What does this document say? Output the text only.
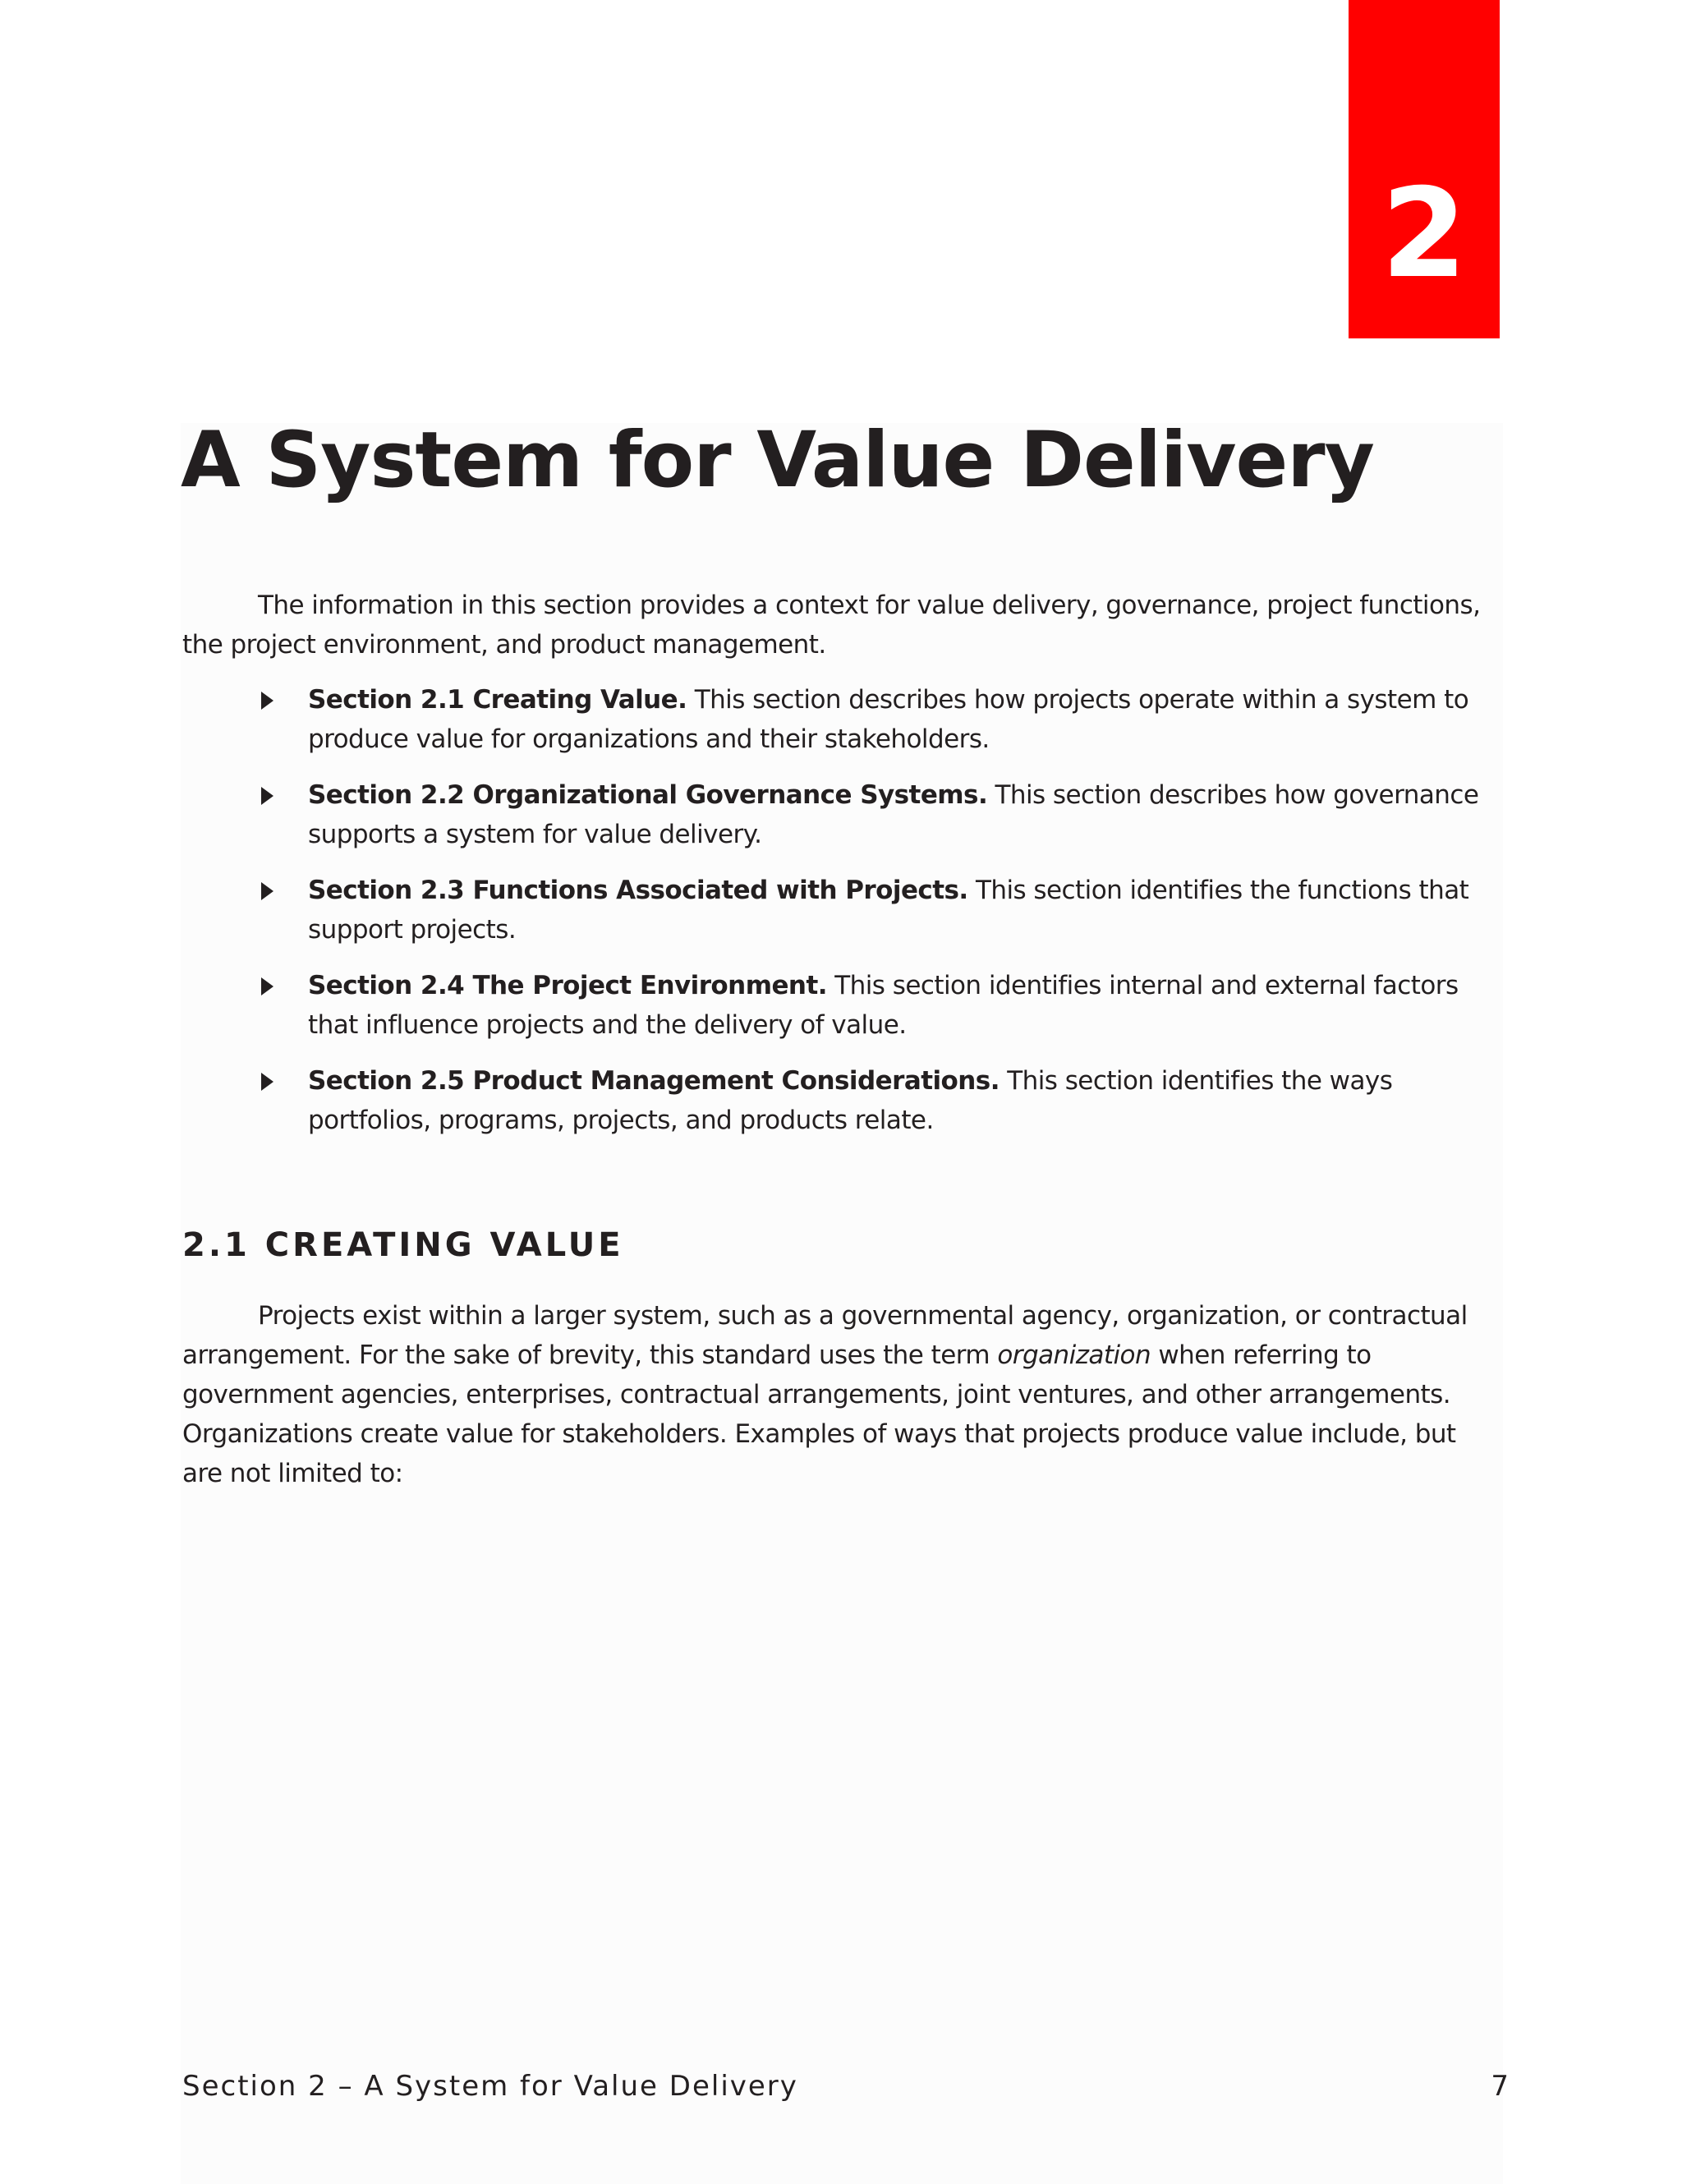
2
A System for Value Delivery

The information in this section provides a context for value delivery, governance, project functions, the project environment, and product management.

Section 2.1 Creating Value. This section describes how projects operate within a system to produce value for organizations and their stakeholders.
Section 2.2 Organizational Governance Systems. This section describes how governance supports a system for value delivery.
Section 2.3 Functions Associated with Projects. This section identifies the functions that support projects.
Section 2.4 The Project Environment. This section identifies internal and external factors that influence projects and the delivery of value.
Section 2.5 Product Management Considerations. This section identifies the ways portfolios, programs, projects, and products relate.
2.1 CREATING VALUE

Projects exist within a larger system, such as a governmental agency, organization, or contractual arrangement. For the sake of brevity, this standard uses the term organization when referring to government agencies, enterprises, contractual arrangements, joint ventures, and other arrangements. Organizations create value for stakeholders. Examples of ways that projects produce value include, but are not limited to:

Section 2 – A System for Value Delivery	7
